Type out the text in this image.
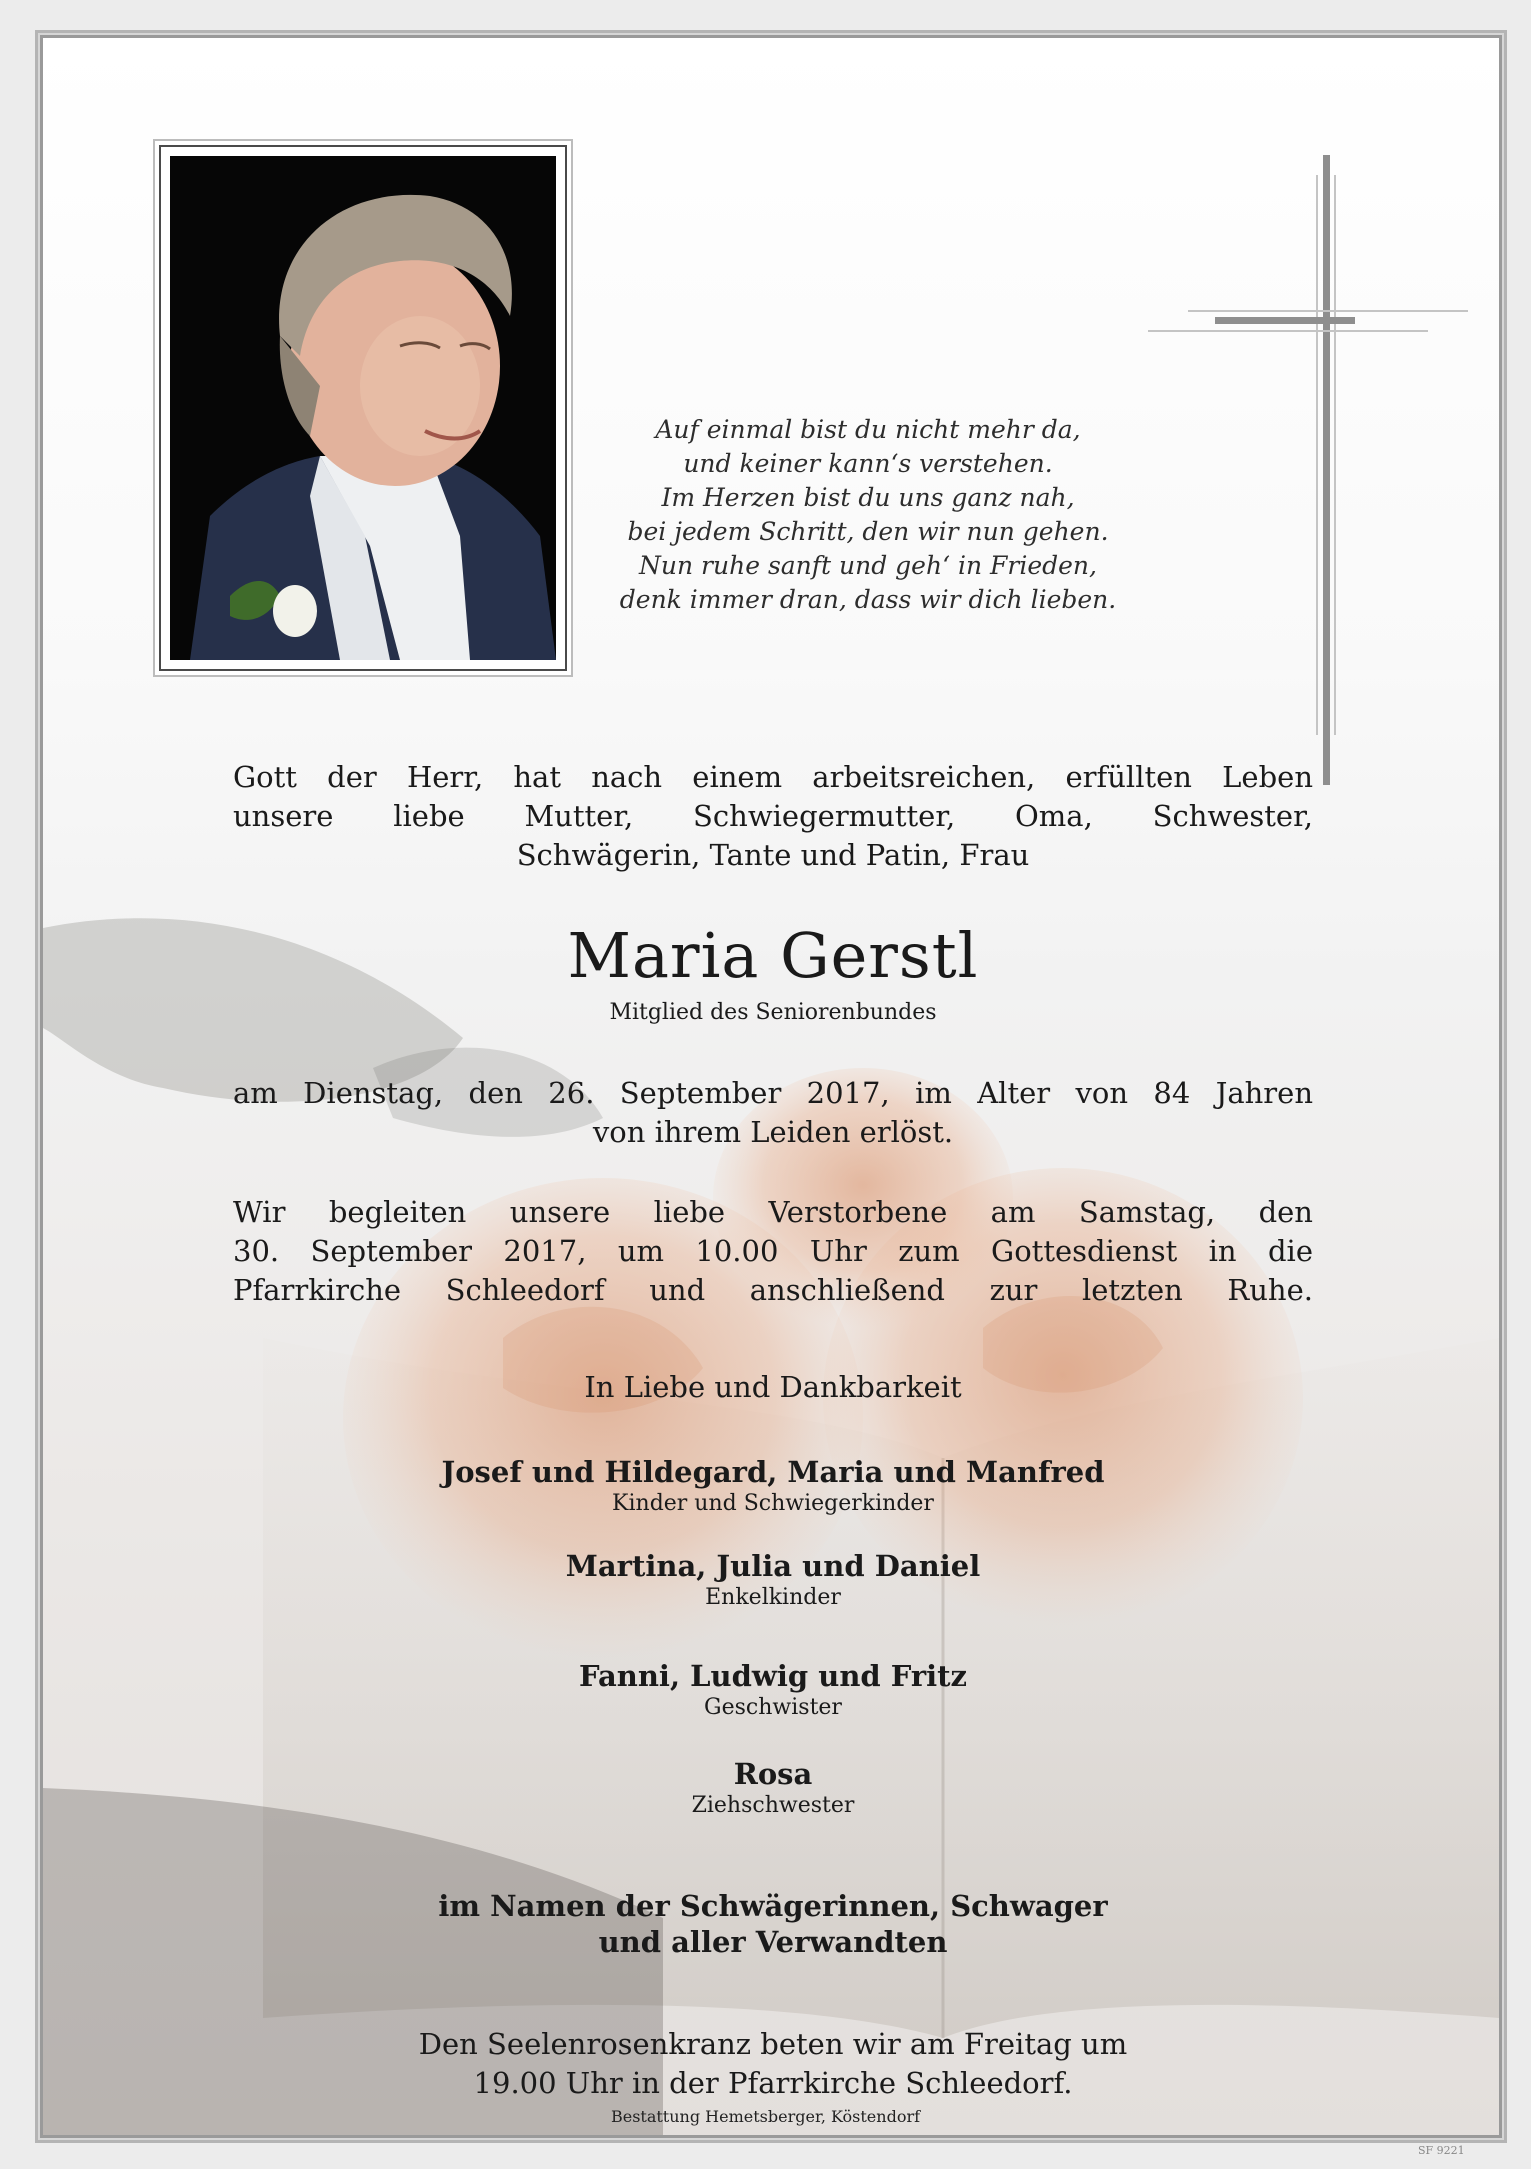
Auf einmal bist du nicht mehr da,
und keiner kann‘s verstehen.
Im Herzen bist du uns ganz nah,
bei jedem Schritt, den wir nun gehen.
Nun ruhe sanft und geh‘ in Frieden,
denk immer dran, dass wir dich lieben.
Gott der Herr, hat nach einem arbeitsreichen, erfüllten Leben
unsere liebe Mutter, Schwiegermutter, Oma, Schwester,
Schwägerin, Tante und Patin, Frau
Maria Gerstl
Mitglied des Seniorenbundes
am Dienstag, den 26. September 2017, im Alter von 84 Jahren
von ihrem Leiden erlöst.
Wir begleiten unsere liebe Verstorbene am Samstag, den
30. September 2017, um 10.00 Uhr zum Gottesdienst in die
Pfarrkirche Schleedorf und anschließend zur letzten Ruhe.
In Liebe und Dankbarkeit
Josef und Hildegard, Maria und Manfred
Kinder und Schwiegerkinder
Martina, Julia und Daniel
Enkelkinder
Fanni, Ludwig und Fritz
Geschwister
Rosa
Ziehschwester
im Namen der Schwägerinnen, Schwager
und aller Verwandten
Den Seelenrosenkranz beten wir am Freitag um
19.00 Uhr in der Pfarrkirche Schleedorf.
Bestattung Hemetsberger, Köstendorf
SF 9221
